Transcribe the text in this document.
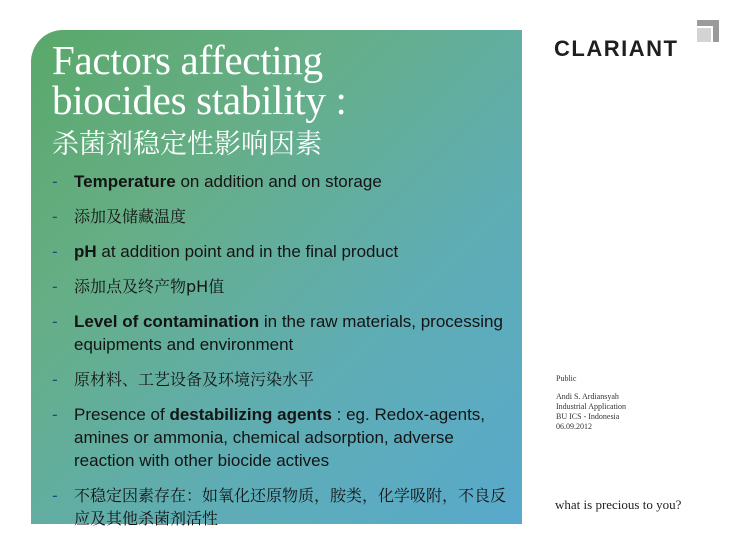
Factors affecting
biocides stability :
杀菌剂稳定性影响因素
- Temperature on addition and on storage
- 添加及储藏温度
- pH at addition point and in the final product
- 添加点及终产物pH值
- Level of contamination in the raw materials, processing equipments and environment
- 原材料、工艺设备及环境污染水平
- Presence of destabilizing agents : eg. Redox-agents, amines or ammonia, chemical adsorption, adverse reaction with other biocide actives
- 不稳定因素存在：如氧化还原物质，胺类，化学吸附，不良反应及其他杀菌剂活性
CLARIANT
Public
Andi S. Ardiansyah
Industrial Application
BU ICS - Indonesia
06.09.2012
what is precious to you?
